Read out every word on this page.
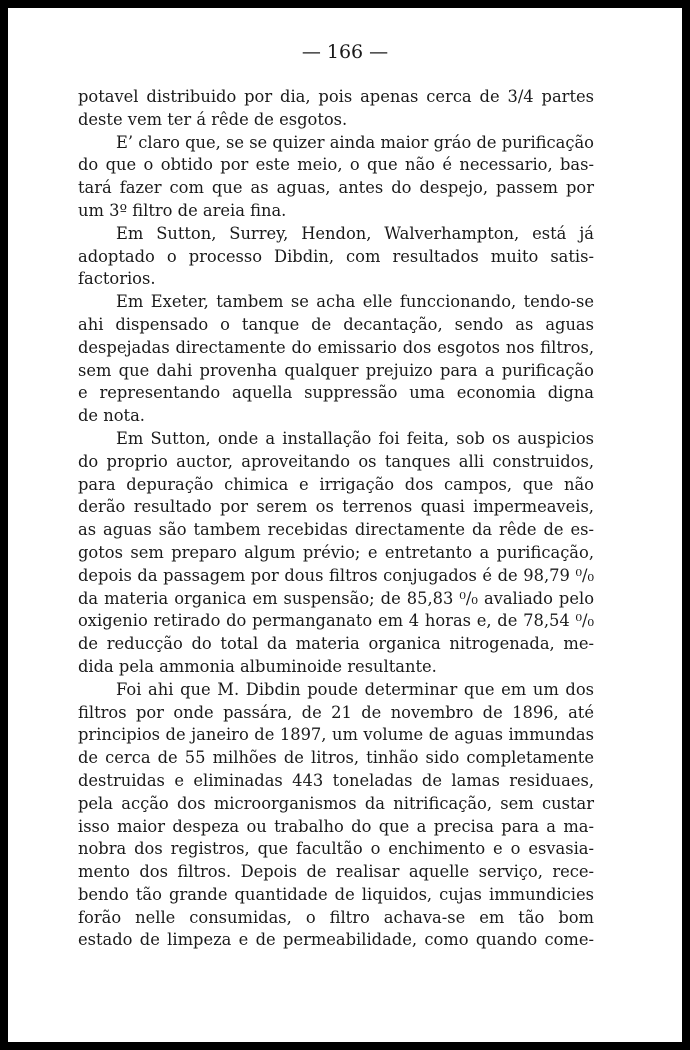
— 166 —
potavel distribuido por dia, pois apenas cerca de 3/4 partes
deste vem ter á rêde de esgotos.
E’ claro que, se se quizer ainda maior gráo de purificação
do que o obtido por este meio, o que não é necessario, bas-
tará fazer com que as aguas, antes do despejo, passem por
um 3º filtro de areia fina.
Em Sutton, Surrey, Hendon, Walverhampton, está já
adoptado o processo Dibdin, com resultados muito satis-
factorios.
Em Exeter, tambem se acha elle funccionando, tendo-se
ahi dispensado o tanque de decantação, sendo as aguas
despejadas directamente do emissario dos esgotos nos filtros,
sem que dahi provenha qualquer prejuizo para a purificação
e representando aquella suppressão uma economia digna
de nota.
Em Sutton, onde a installação foi feita, sob os auspicios
do proprio auctor, aproveitando os tanques alli construidos,
para depuração chimica e irrigação dos campos, que não
derão resultado por serem os terrenos quasi impermeaveis,
as aguas são tambem recebidas directamente da rêde de es-
gotos sem preparo algum prévio; e entretanto a purificação,
depois da passagem por dous filtros conjugados é de 98,79 ⁰/₀
da materia organica em suspensão; de 85,83 ⁰/₀ avaliado pelo
oxigenio retirado do permanganato em 4 horas e, de 78,54 ⁰/₀
de reducção do total da materia organica nitrogenada, me-
dida pela ammonia albuminoide resultante.
Foi ahi que M. Dibdin poude determinar que em um dos
filtros por onde passára, de 21 de novembro de 1896, até
principios de janeiro de 1897, um volume de aguas immundas
de cerca de 55 milhões de litros, tinhão sido completamente
destruidas e eliminadas 443 toneladas de lamas residuaes,
pela acção dos microorganismos da nitrificação, sem custar
isso maior despeza ou trabalho do que a precisa para a ma-
nobra dos registros, que facultão o enchimento e o esvasia-
mento dos filtros. Depois de realisar aquelle serviço, rece-
bendo tão grande quantidade de liquidos, cujas immundicies
forão nelle consumidas, o filtro achava-se em tão bom
estado de limpeza e de permeabilidade, como quando come-
